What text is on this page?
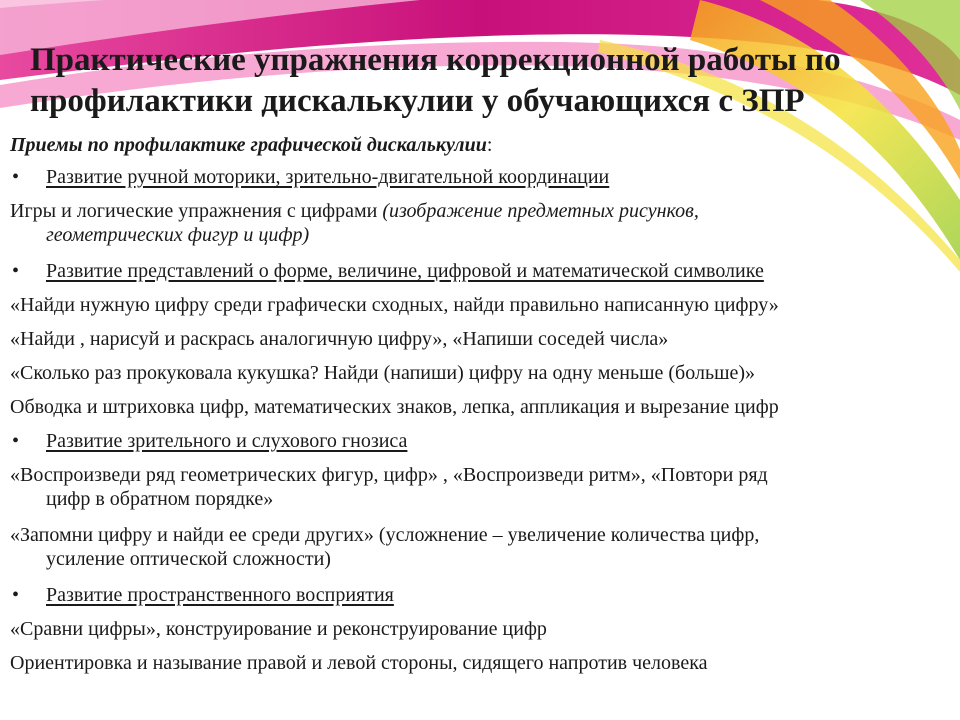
Практические упражнения коррекционной работы по
профилактики дискалькулии у обучающихся с ЗПР
Приемы по профилактике графической дискалькулии:
• Развитие ручной моторики, зрительно-двигательной координации
Игры и логические упражнения с цифрами (изображение предметных рисунков,
геометрических фигур и цифр)
• Развитие представлений о форме, величине, цифровой и математической символике
«Найди нужную цифру среди графически сходных, найди правильно написанную цифру»
«Найди , нарисуй и раскрась аналогичную цифру», «Напиши соседей числа»
«Сколько раз прокуковала кукушка? Найди (напиши) цифру на одну меньше (больше)»
Обводка и штриховка цифр, математических знаков, лепка, аппликация и вырезание цифр
• Развитие зрительного и слухового гнозиса
«Воспроизведи ряд геометрических фигур, цифр» , «Воспроизведи ритм», «Повтори ряд
цифр в обратном порядке»
«Запомни цифру и найди ее среди других» (усложнение – увеличение количества цифр,
усиление оптической сложности)
• Развитие пространственного восприятия
«Сравни цифры», конструирование и реконструирование цифр
Ориентировка и называние правой и левой стороны, сидящего напротив человека
